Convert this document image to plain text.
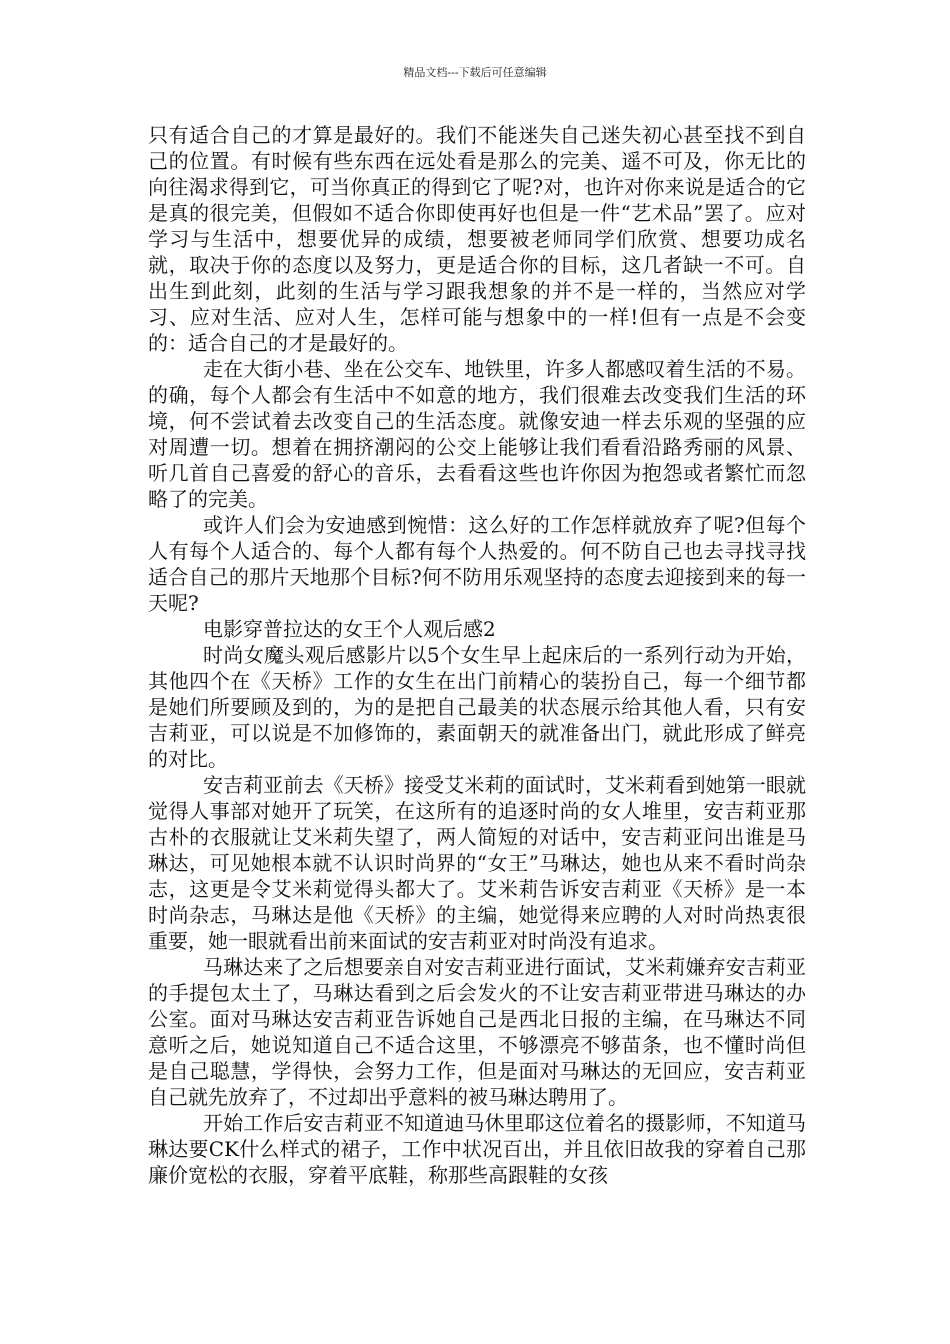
精品文档---下载后可任意编辑

只有适合自己的才算是最好的。我们不能迷失自己迷失初心甚至找不到自己的位置。有时候有些东西在远处看是那么的完美、遥不可及，你无比的向往渴求得到它，可当你真正的得到它了呢?对，也许对你来说是适合的它是真的很完美，但假如不适合你即使再好也但是一件“艺术品”罢了。应对学习与生活中，想要优异的成绩，想要被老师同学们欣赏、想要功成名就，取决于你的态度以及努力，更是适合你的目标，这几者缺一不可。自出生到此刻，此刻的生活与学习跟我想象的并不是一样的，当然应对学习、应对生活、应对人生，怎样可能与想象中的一样!但有一点是不会变的：适合自己的才是最好的。

走在大街小巷、坐在公交车、地铁里，许多人都感叹着生活的不易。的确，每个人都会有生活中不如意的地方，我们很难去改变我们生活的环境，何不尝试着去改变自己的生活态度。就像安迪一样去乐观的坚强的应对周遭一切。想着在拥挤潮闷的公交上能够让我们看看沿路秀丽的风景、听几首自己喜爱的舒心的音乐，去看看这些也许你因为抱怨或者繁忙而忽略了的完美。

或许人们会为安迪感到惋惜：这么好的工作怎样就放弃了呢?但每个人有每个人适合的、每个人都有每个人热爱的。何不防自己也去寻找寻找适合自己的那片天地那个目标?何不防用乐观坚持的态度去迎接到来的每一天呢?

电影穿普拉达的女王个人观后感2

时尚女魔头观后感影片以5个女生早上起床后的一系列行动为开始，其他四个在《天桥》工作的女生在出门前精心的装扮自己，每一个细节都是她们所要顾及到的，为的是把自己最美的状态展示给其他人看，只有安吉莉亚，可以说是不加修饰的，素面朝天的就准备出门，就此形成了鲜亮的对比。

安吉莉亚前去《天桥》接受艾米莉的面试时，艾米莉看到她第一眼就觉得人事部对她开了玩笑，在这所有的追逐时尚的女人堆里，安吉莉亚那古朴的衣服就让艾米莉失望了，两人简短的对话中，安吉莉亚问出谁是马琳达，可见她根本就不认识时尚界的“女王”马琳达，她也从来不看时尚杂志，这更是令艾米莉觉得头都大了。艾米莉告诉安吉莉亚《天桥》是一本时尚杂志，马琳达是他《天桥》的主编，她觉得来应聘的人对时尚热衷很重要，她一眼就看出前来面试的安吉莉亚对时尚没有追求。

马琳达来了之后想要亲自对安吉莉亚进行面试，艾米莉嫌弃安吉莉亚的手提包太土了，马琳达看到之后会发火的不让安吉莉亚带进马琳达的办公室。面对马琳达安吉莉亚告诉她自己是西北日报的主编，在马琳达不同意听之后，她说知道自己不适合这里，不够漂亮不够苗条，也不懂时尚但是自己聪慧，学得快，会努力工作，但是面对马琳达的无回应，安吉莉亚自己就先放弃了，不过却出乎意料的被马琳达聘用了。

开始工作后安吉莉亚不知道迪马休里耶这位着名的摄影师，不知道马琳达要CK什么样式的裙子，工作中状况百出，并且依旧故我的穿着自己那廉价宽松的衣服，穿着平底鞋，称那些高跟鞋的女孩
